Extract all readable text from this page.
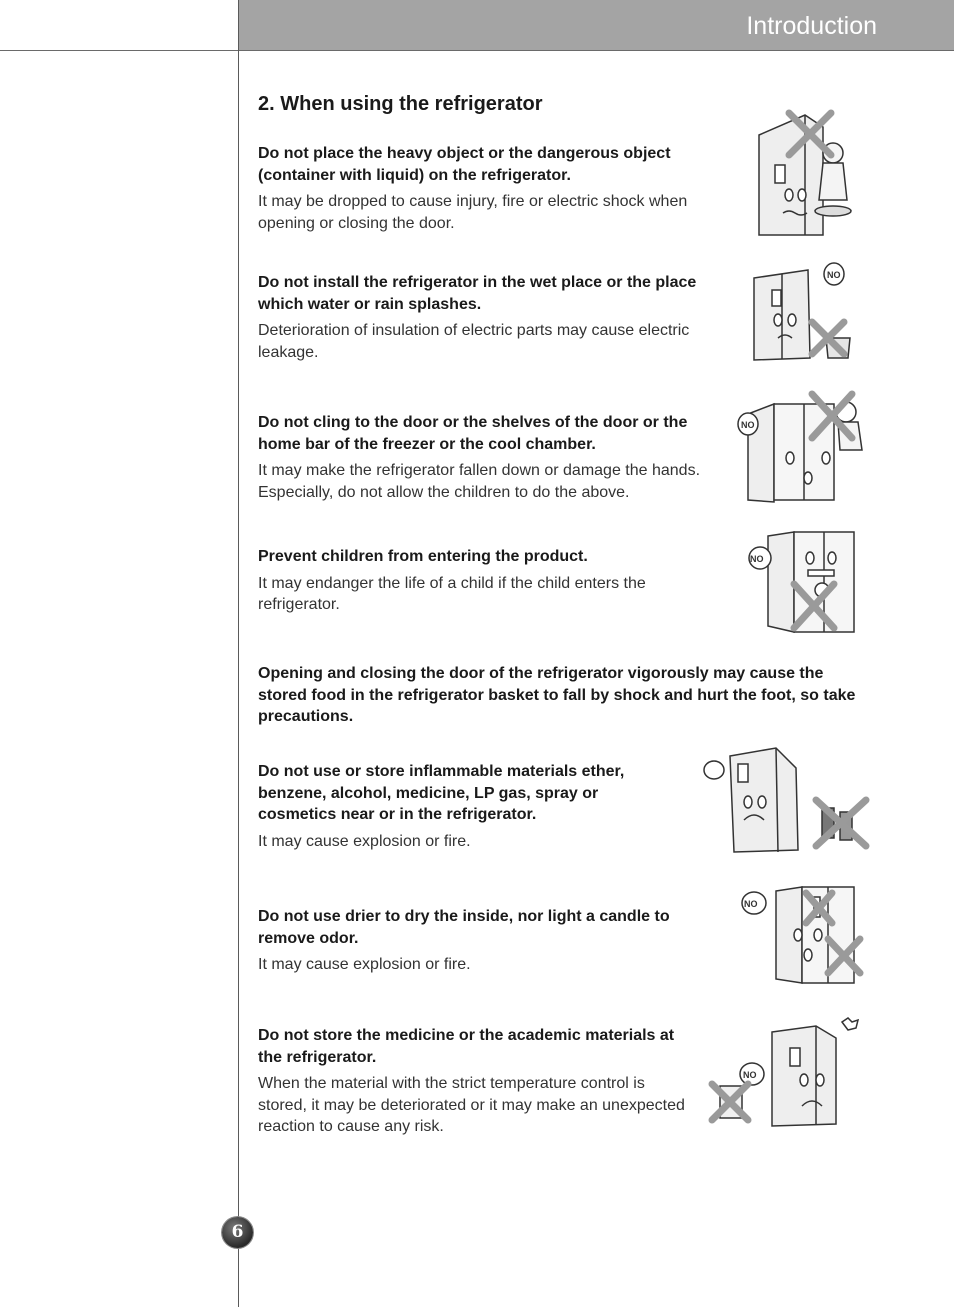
Introduction
2. When using the refrigerator
Do not place the heavy object or the dangerous object (container with liquid) on the refrigerator.
It may be dropped to cause injury, fire or electric shock when opening or closing the door.
Do not install the refrigerator in the wet place or the place which water or rain splashes.
Deterioration of insulation of electric parts may cause electric leakage.
Do not cling to the door or the shelves of the door or the home bar of the freezer or the cool chamber.
It may make the refrigerator fallen down or damage the hands. Especially, do not allow the children to do the above.
Prevent children from entering the product.
It may endanger the life of a child if the child enters the refrigerator.
Opening and closing the door of the refrigerator vigorously may cause the stored food in the refrigerator basket to fall by shock and hurt the foot, so take precautions.
Do not use or store inflammable materials ether, benzene, alcohol, medicine, LP gas, spray or cosmetics near or in the refrigerator.
It may cause explosion or fire.
Do not use drier to dry the inside, nor light a candle to remove odor.
It may cause explosion or fire.
Do not store the medicine or the academic materials at the refrigerator.
When the material with the strict temperature control is stored, it may be deteriorated or it may make an unexpected reaction to cause any risk.
NO
NO
NO
NO
NO
6
